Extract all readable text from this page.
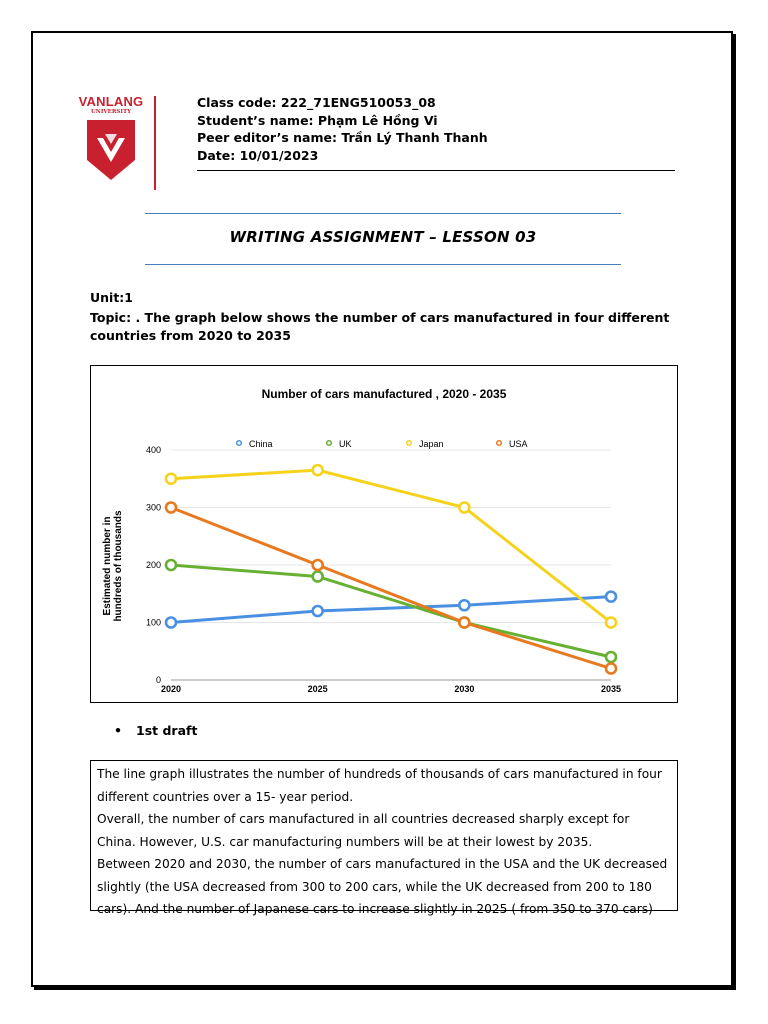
VANLANG
UNIVERSITY
Class code: 222_71ENG510053_08
Student’s name: Phạm Lê Hồng Vi
Peer editor’s name: Trần Lý Thanh Thanh
Date: 10/01/2023
WRITING ASSIGNMENT – LESSON 03
Unit:1
Topic: . The graph below shows the number of cars manufactured in four different countries from 2020 to 2035
Number of cars manufactured , 2020 - 2035
0
100
200
300
400
2020	2025	2030	2035
Estimated number in hundreds of thousands
China	UK	Japan	USA
• 1st draft

The line graph illustrates the number of hundreds of thousands of cars manufactured in four different countries over a 15- year period.

Overall, the number of cars manufactured in all countries decreased sharply except for China. However, U.S. car manufacturing numbers will be at their lowest by 2035.

Between 2020 and 2030, the number of cars manufactured in the USA and the UK decreased slightly (the USA decreased from 300 to 200 cars, while the UK decreased from 200 to 180 cars). And the number of Japanese cars to increase slightly in 2025 ( from 350 to 370 cars)
